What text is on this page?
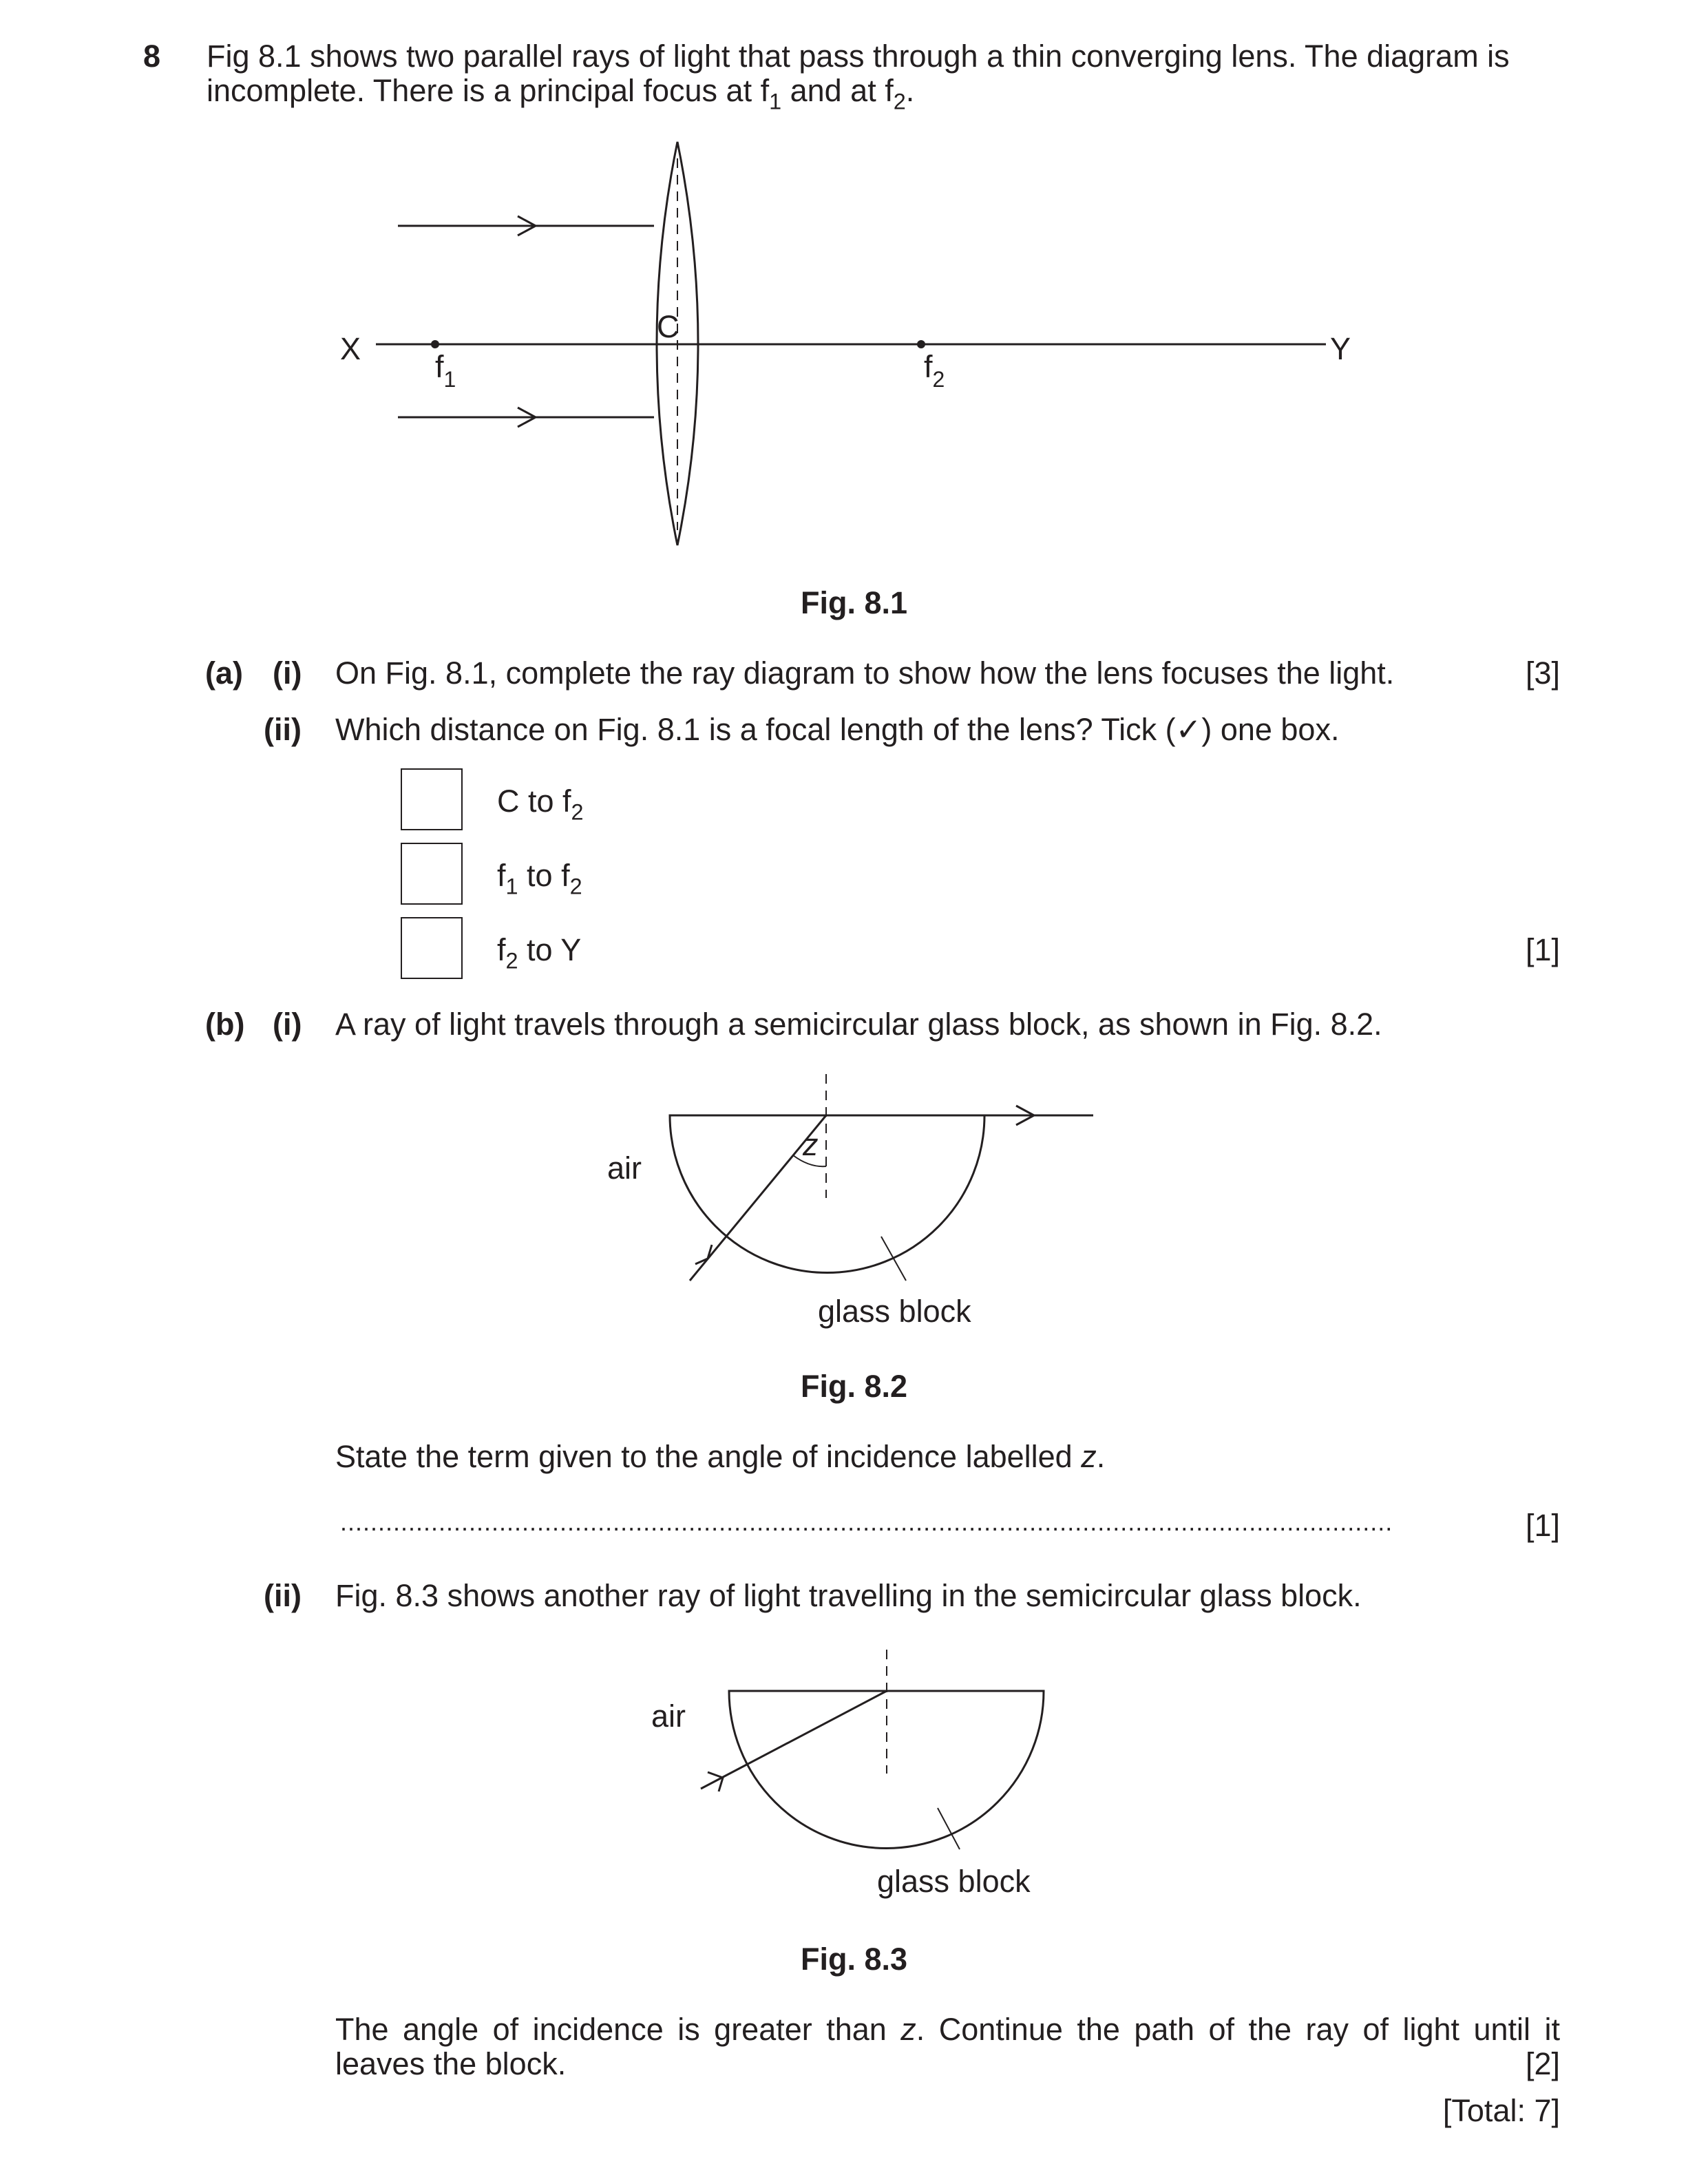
8 Fig 8.1 shows two parallel rays of light that pass through a thin converging lens. The diagram is
incomplete. There is a principal focus at $f_1$ and at $f_2$.
X	Y
C
$f_1$	$f_2$
Fig. 8.1
(a) (i) On Fig. 8.1, complete the ray diagram to show how the lens focuses the light.	[3]
(ii) Which distance on Fig. 8.1 is a focal length of the lens? Tick (✓) one box.
C to $f_2$
$f_1$ to $f_2$
$f_2$ to Y	[1]
(b) (i) A ray of light travels through a semicircular glass block, as shown in Fig. 8.2.
z
air
glass block
Fig. 8.2
State the term given to the angle of incidence labelled z.
...........................................................................................................................................	[1]
(ii) Fig. 8.3 shows another ray of light travelling in the semicircular glass block.
air
glass block
Fig. 8.3
The angle of incidence is greater than z. Continue the path of the ray of light until it
leaves the block.	[2]
[Total: 7]
